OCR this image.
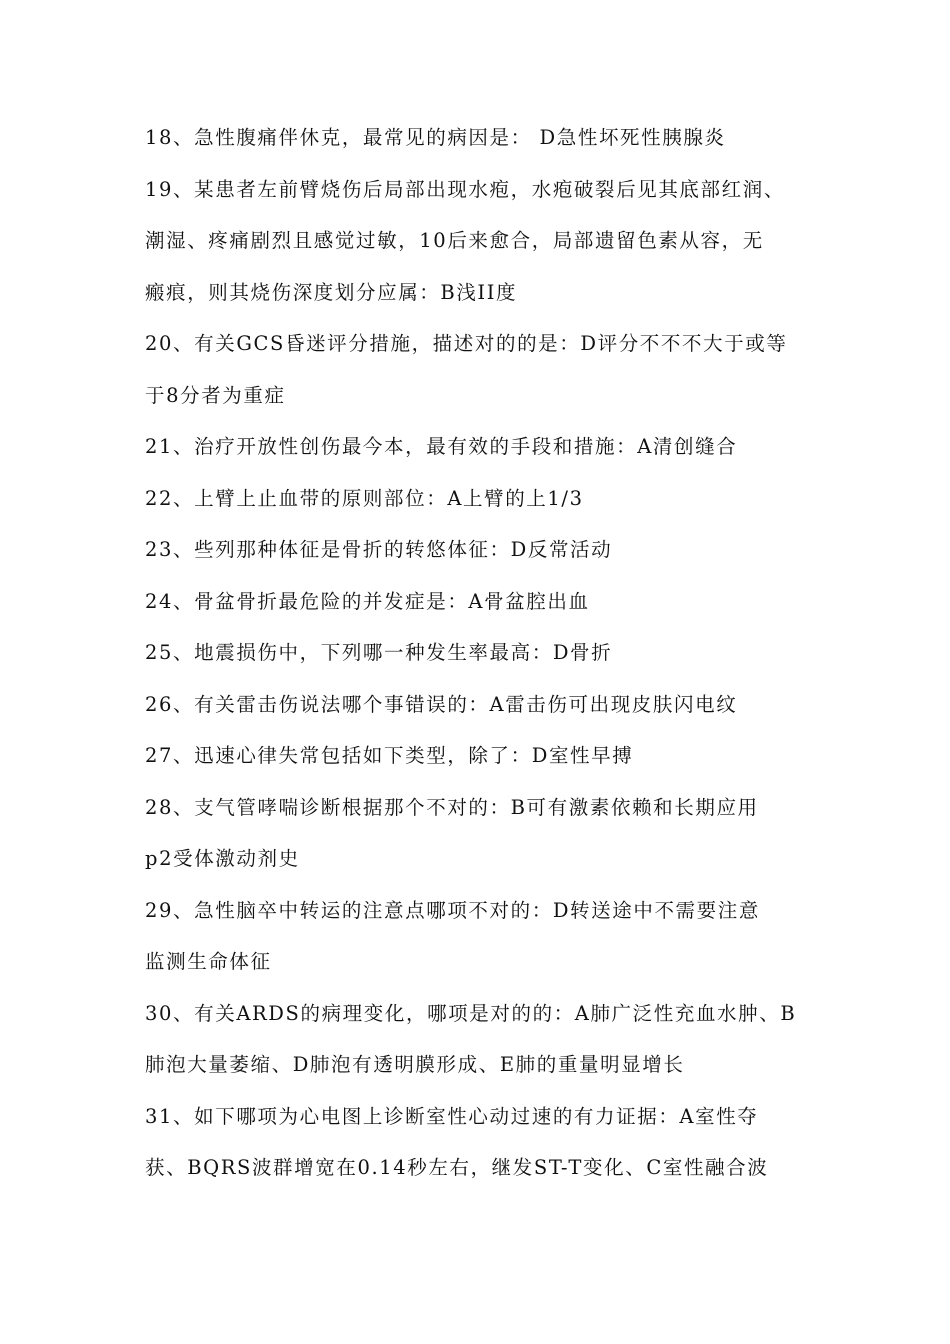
18、急性腹痛伴休克，最常见的病因是： D急性坏死性胰腺炎
19、某患者左前臂烧伤后局部出现水疱，水疱破裂后见其底部红润、
潮湿、疼痛剧烈且感觉过敏，10后来愈合，局部遗留色素从容，无
瘢痕，则其烧伤深度划分应属：B浅II度
20、有关GCS昏迷评分措施，描述对的的是：D评分不不不大于或等
于8分者为重症
21、治疗开放性创伤最今本，最有效的手段和措施：A清创缝合
22、上臂上止血带的原则部位：A上臂的上1/3
23、些列那种体征是骨折的转悠体征：D反常活动
24、骨盆骨折最危险的并发症是：A骨盆腔出血
25、地震损伤中，下列哪一种发生率最高：D骨折
26、有关雷击伤说法哪个事错误的：A雷击伤可出现皮肤闪电纹
27、迅速心律失常包括如下类型，除了：D室性早搏
28、支气管哮喘诊断根据那个不对的：B可有激素依赖和长期应用
p2受体激动剂史
29、急性脑卒中转运的注意点哪项不对的：D转送途中不需要注意
监测生命体征
30、有关ARDS的病理变化，哪项是对的的：A肺广泛性充血水肿、B
肺泡大量萎缩、D肺泡有透明膜形成、E肺的重量明显增长
31、如下哪项为心电图上诊断室性心动过速的有力证据：A室性夺
获、BQRS波群增宽在0.14秒左右，继发ST-T变化、C室性融合波
